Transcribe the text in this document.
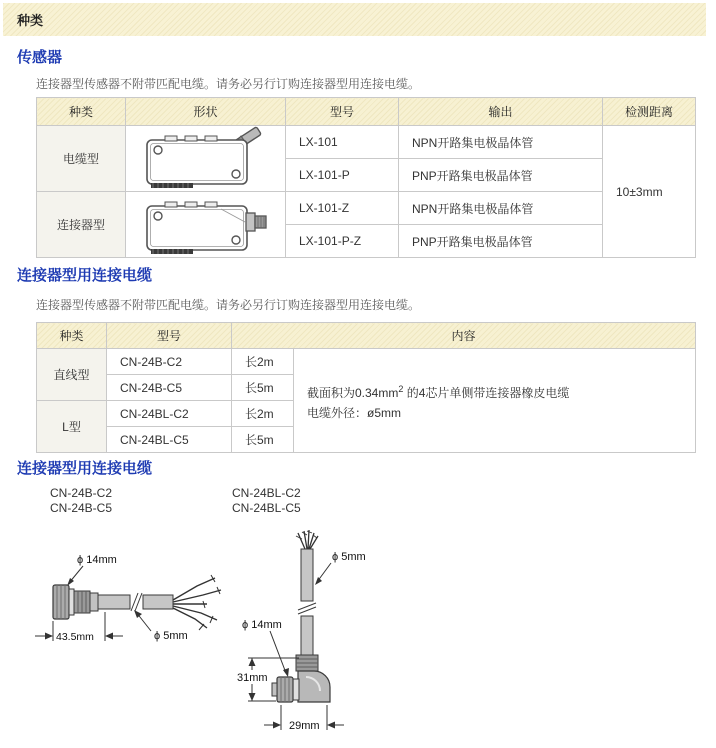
种类
传感器
连接器型传感器不附带匹配电缆。请务必另行订购连接器型用连接电缆。
种类	形状	型号	输出	检测距离
电缆型		LX-101	NPN开路集电极晶体管	10±3mm
		LX-101-P	PNP开路集电极晶体管	
连接器型		LX-101-Z	NPN开路集电极晶体管	
		LX-101-P-Z	PNP开路集电极晶体管	
连接器型用连接电缆
连接器型传感器不附带匹配电缆。请务必另行订购连接器型用连接电缆。
种类	型号	内容	
直线型	CN-24B-C2	长2m	截面积为$0.34mm^2$ 的4芯片单侧带连接器橡皮电缆
电缆外径：ø5mm
	CN-24B-C5	长5m	
L型	CN-24BL-C2	长2m	
	CN-24BL-C5	长5m	
连接器型用连接电缆
CN-24B-C2
CN-24B-C5
CN-24BL-C2
CN-24BL-C5
ϕ 14mm
43.5mm	ϕ 5mm
ϕ 5mm
ϕ 14mm
31mm
29mm
